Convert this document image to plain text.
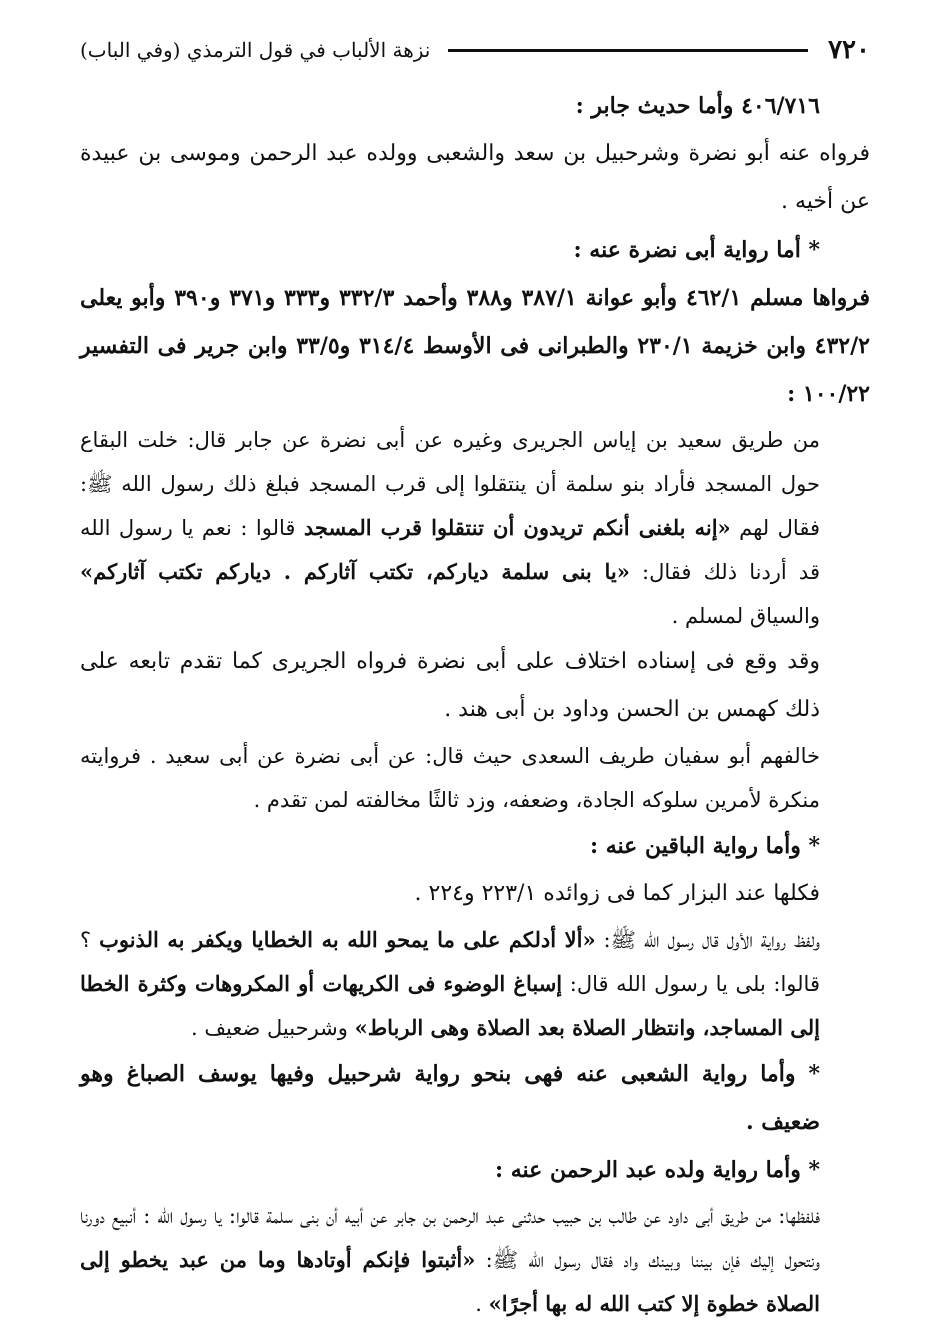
٧٢٠
نزهة الألباب في قول الترمذي (وفي الباب)

٤٠٦/٧١٦ وأما حديث جابر :

فرواه عنه أبو نضرة وشرحبيل بن سعد والشعبى وولده عبد الرحمن وموسى بن عبيدة عن أخيه .

* أما رواية أبى نضرة عنه :

فرواها مسلم ٤٦٢/١ وأبو عوانة ٣٨٧/١ و٣٨٨ وأحمد ٣٣٢/٣ و٣٣٣ و٣٧١ و٣٩٠ وأبو يعلى ٤٣٢/٢ وابن خزيمة ٢٣٠/١ والطبرانى فى الأوسط ٣١٤/٤ و٣٣/٥ وابن جرير فى التفسير ١٠٠/٢٢ :

من طريق سعيد بن إياس الجريرى وغيره عن أبى نضرة عن جابر قال: خلت البقاع حول المسجد فأراد بنو سلمة أن ينتقلوا إلى قرب المسجد فبلغ ذلك رسول الله ﷺ: فقال لهم «إنه بلغنى أنكم تريدون أن تنتقلوا قرب المسجد قالوا : نعم يا رسول الله قد أردنا ذلك فقال: «يا بنى سلمة دياركم، تكتب آثاركم . دياركم تكتب آثاركم» والسياق لمسلم .

وقد وقع فى إسناده اختلاف على أبى نضرة فرواه الجريرى كما تقدم تابعه على ذلك كهمس بن الحسن وداود بن أبى هند .

خالفهم أبو سفيان طريف السعدى حيث قال: عن أبى نضرة عن أبى سعيد . فروايته منكرة لأمرين سلوكه الجادة، وضعفه، وزد ثالثًا مخالفته لمن تقدم .

* وأما رواية الباقين عنه :

فكلها عند البزار كما فى زوائده ٢٢٣/١ و٢٢٤ .

ولفظ رواية الأول قال رسول الله ﷺ: «ألا أدلكم على ما يمحو الله به الخطايا ويكفر به الذنوب ؟ قالوا: بلى يا رسول الله قال: إسباغ الوضوء فى الكريهات أو المكروهات وكثرة الخطا إلى المساجد، وانتظار الصلاة بعد الصلاة وهى الرباط» وشرحبيل ضعيف .

* وأما رواية الشعبى عنه فهى بنحو رواية شرحبيل وفيها يوسف الصباغ وهو ضعيف .

* وأما رواية ولده عبد الرحمن عنه :

فلفظها: من طريق أبى داود عن طالب بن حبيب حدثنى عبد الرحمن بن جابر عن أبيه أن بنى سلمة قالوا: يا رسول الله : أنبيع دورنا ونتحول إليك فإن بيننا وبينك واد فقال رسول الله ﷺ: «أثبتوا فإنكم أوتادها وما من عبد يخطو إلى الصلاة خطوة إلا كتب الله له بها أجرًا» .
